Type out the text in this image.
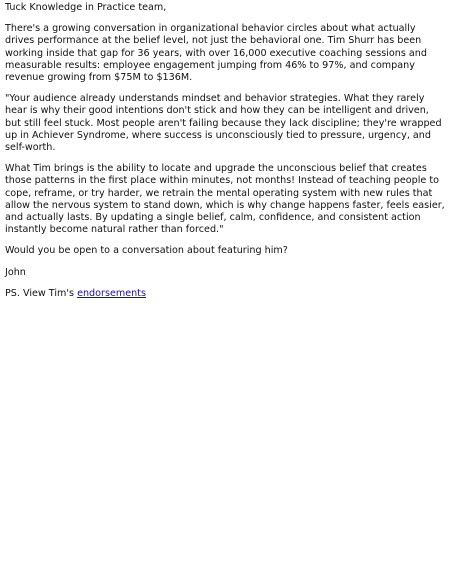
Tuck Knowledge in Practice team,

There's a growing conversation in organizational behavior circles about what actually drives performance at the belief level, not just the behavioral one. Tim Shurr has been working inside that gap for 36 years, with over 16,000 executive coaching sessions and measurable results: employee engagement jumping from 46% to 97%, and company revenue growing from $75M to $136M.

"Your audience already understands mindset and behavior strategies. What they rarely hear is why their good intentions don't stick and how they can be intelligent and driven, but still feel stuck. Most people aren't failing because they lack discipline; they're wrapped up in Achiever Syndrome, where success is unconsciously tied to pressure, urgency, and self-worth.

What Tim brings is the ability to locate and upgrade the unconscious belief that creates those patterns in the first place within minutes, not months! Instead of teaching people to cope, reframe, or try harder, we retrain the mental operating system with new rules that allow the nervous system to stand down, which is why change happens faster, feels easier, and actually lasts. By updating a single belief, calm, confidence, and consistent action instantly become natural rather than forced."

Would you be open to a conversation about featuring him?

John

PS. View Tim's endorsements
